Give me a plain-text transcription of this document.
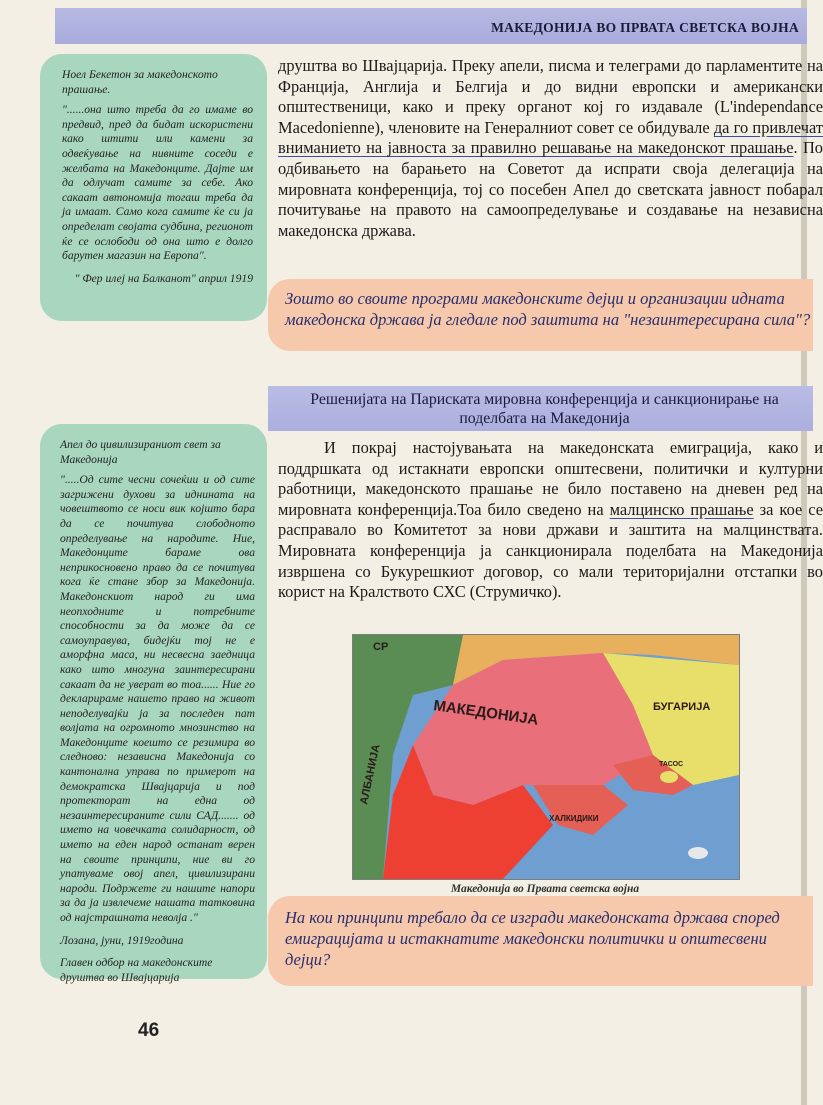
МАКЕДОНИЈА ВО ПРВАТА СВЕТСКА ВОЈНА

Ноел Бекетон за македонското прашање.

"......она што треба да го имаме во предвид, пред да бидат искористени како штити или камени за одвеќување на нивните соседи е желбата на Македонците. Дајте им да одлучат самите за себе. Ако сакаат автономија тогаш треба да ја имаат. Само кога самите ќе си ја определат својата судбина, регионот ќе се ослободи од она што е долго барутен магазин на Европа".

" Фер илеј на Балканот" април 1919

друштва во Швајцарија. Преку апели, писма и телеграми до парламентите на Франција, Англија и Белгија и до видни европски и американски општественици, како и преку органот кој го издавале (L'independance Macedonienne), членовите на Генералниот совет се обидувале да го привлечат вниманието на јавноста за правилно решавање на македонскот прашање. По одбивањето на барањето на Советот да испрати своја делегација на мировната конференција, тој со посебен Апел до светската јавност побарал почитување на правото на самоопределување и создавање на независна македонска држава.

Зошто во своите програми македонските дејци и организации идната македонска држава ја гледале под заштита на "незаинтересирана сила"?
Решенијата на Париската мировна конференција и санкционирање на поделбата на Македонија

Апел до цивилизираниот свет за Македонија

".....Од сите чесни сочеќии и од сите загрижени духови за иднината на човештвото се носи вик којшто бара да се почитува слободното определување на народите. Ние, Македонците бараме ова неприкосновено право да се почитува кога ќе стане збор за Македонија. Македонскиот народ ги има неопходните и потребните способности за да може да се самоуправува, бидејќи тој не е аморфна маса, ни несвесна заедница како што многуна заинтересирани сакаат да не уверат во тоа...... Ние го декларираме нашето право на живот неподелувајќи ја за последен пат волјата на огромното мнозинство на Македонците коешто се резимира во следново: независна Македонија со кантонална управа по примерот на демократска Швајцарија и под протекторат на една од незаинтересираните сили САД....... од името на човечката солидарност, од името на еден народ останат верен на своите принципи, ние ви го упатуваме овој апел, цивилизирани народи. Подржете ги нашите напори за да ја извлечеме нашата татковина од најстрашната неволја ."

Лозана, јуни, 1919година

Главен одбор на македонските друштва во Швајцарија

И покрај настојувањата на македонската емиграција, како и поддршката од истакнати европски општесвени, политички и културни работници, македонското прашање не било поставено на дневен ред на мировната конференција.Тоа било сведено на малцинско прашање за кое се расправало во Комитетот за нови држави и заштита на малцинствата. Мировната конференција ја санкционирала поделбата на Македонија извршена со Букурешкиот договор, со мали територијални отстапки во корист на Кралството СХС (Струмичко).

МАКЕДОНИЈА	БУГАРИЈА
АЛБАНИЈА
СР
ХАЛКИДИКИ
ТАСОС
Македонија во Првата светска војна
На кои принципи требало да се изгради македонската држава според емиграцијата и истакнатите македонски политички и општесвени дејци?
46
